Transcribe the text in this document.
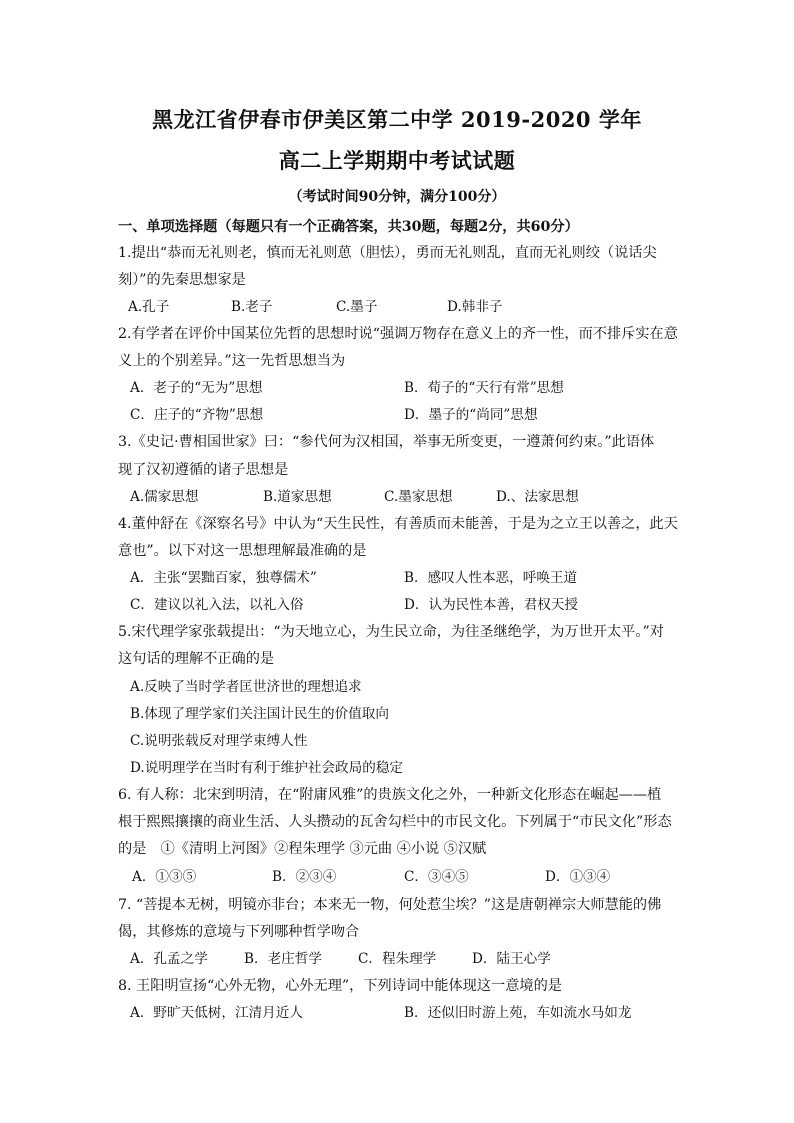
黑龙江省伊春市伊美区第二中学 2019-2020 学年
高二上学期期中考试试题
（考试时间90分钟，满分100分）
一、单项选择题（每题只有一个正确答案，共30题，每题2分，共60分）
1.提出“恭而无礼则老，慎而无礼则葸（胆怯），勇而无礼则乱，直而无礼则绞（说话尖
刻）”的先秦思想家是
A.孔子	B.老子	C.墨子	D.韩非子
2.有学者在评价中国某位先哲的思想时说“强调万物存在意义上的齐一性，而不排斥实在意
义上的个别差异。”这一先哲思想当为
A．老子的“无为”思想	B．荀子的“天行有常”思想
C．庄子的“齐物”思想	D．墨子的“尚同”思想
3.《史记·曹相国世家》曰：“参代何为汉相国，举事无所变更，一遵萧何约束。”此语体
现了汉初遵循的诸子思想是
A.儒家思想	B.道家思想	C.墨家思想	D.、法家思想
4.董仲舒在《深察名号》中认为“天生民性，有善质而未能善，于是为之立王以善之，此天
意也”。以下对这一思想理解最准确的是
A．主张“罢黜百家，独尊儒术”	B．感叹人性本恶，呼唤王道
C．建议以礼入法，以礼入俗	D．认为民性本善，君权天授
5.宋代理学家张载提出：“为天地立心，为生民立命，为往圣继绝学，为万世开太平。”对
这句话的理解不正确的是
A.反映了当时学者匡世济世的理想追求
B.体现了理学家们关注国计民生的价值取向
C.说明张载反对理学束缚人性
D.说明理学在当时有利于维护社会政局的稳定
6. 有人称：北宋到明清，在“附庸风雅”的贵族文化之外，一种新文化形态在崛起——植
根于熙熙攘攘的商业生活、人头攒动的瓦舍勾栏中的市民文化。下列属于“市民文化”形态
的是　①《清明上河图》②程朱理学 ③元曲 ④小说 ⑤汉赋
A．①③⑤	B．②③④	C．③④⑤	D．①③④
7. “菩提本无树，明镜亦非台；本来无一物，何处惹尘埃？”这是唐朝禅宗大师慧能的佛
偈，其修炼的意境与下列哪种哲学吻合
A．孔孟之学	B．老庄哲学	C．程朱理学	D．陆王心学
8. 王阳明宣扬“心外无物，心外无理”，下列诗词中能体现这一意境的是
A．野旷天低树，江清月近人	B．还似旧时游上苑，车如流水马如龙
